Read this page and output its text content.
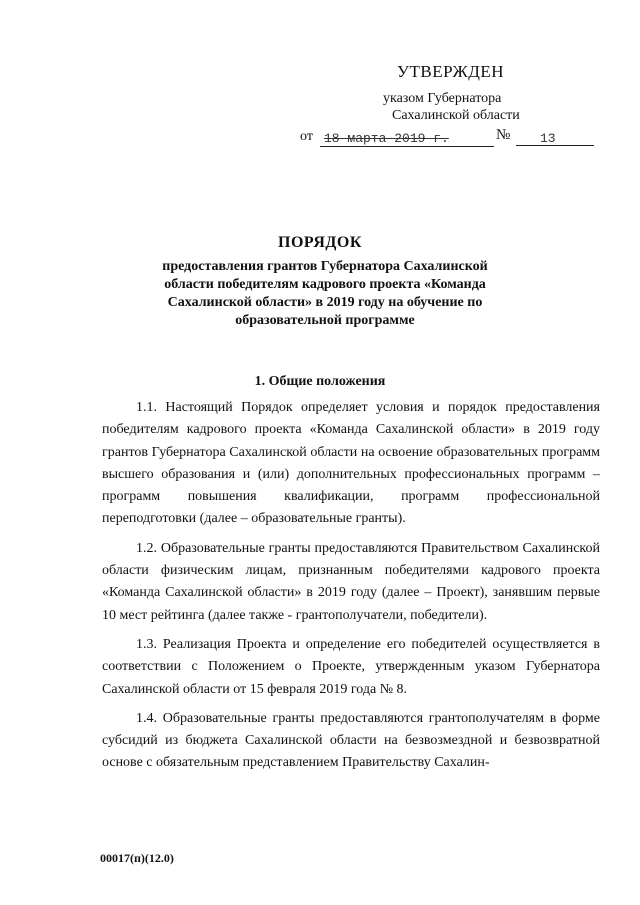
УТВЕРЖДЕН
указом Губернатора
Сахалинской области
от 18 марта 2019 г.	№	13
ПОРЯДОК
предоставления грантов Губернатора Сахалинской
области победителям кадрового проекта «Команда
Сахалинской области» в 2019 году на обучение по
образовательной программе
1. Общие положения

1.1. Настоящий Порядок определяет условия и порядок предоставления победителям кадрового проекта «Команда Сахалинской области» в 2019 году грантов Губернатора Сахалинской области на освоение образовательных программ высшего образования и (или) дополнительных профессиональных программ – программ повышения квалификации, программ профессиональной переподготовки (далее – образовательные гранты).

1.2. Образовательные гранты предоставляются Правительством Сахалинской области физическим лицам, признанным победителями кадрового проекта «Команда Сахалинской области» в 2019 году (далее – Проект), занявшим первые 10 мест рейтинга (далее также - грантополучатели, победители).

1.3. Реализация Проекта и определение его победителей осуществляется в соответствии с Положением о Проекте, утвержденным указом Губернатора Сахалинской области от 15 февраля 2019 года № 8.

1.4. Образовательные гранты предоставляются грантополучателям в форме субсидий из бюджета Сахалинской области на безвозмездной и безвозвратной основе с обязательным представлением Правительству Сахалин-

00017(п)(12.0)
